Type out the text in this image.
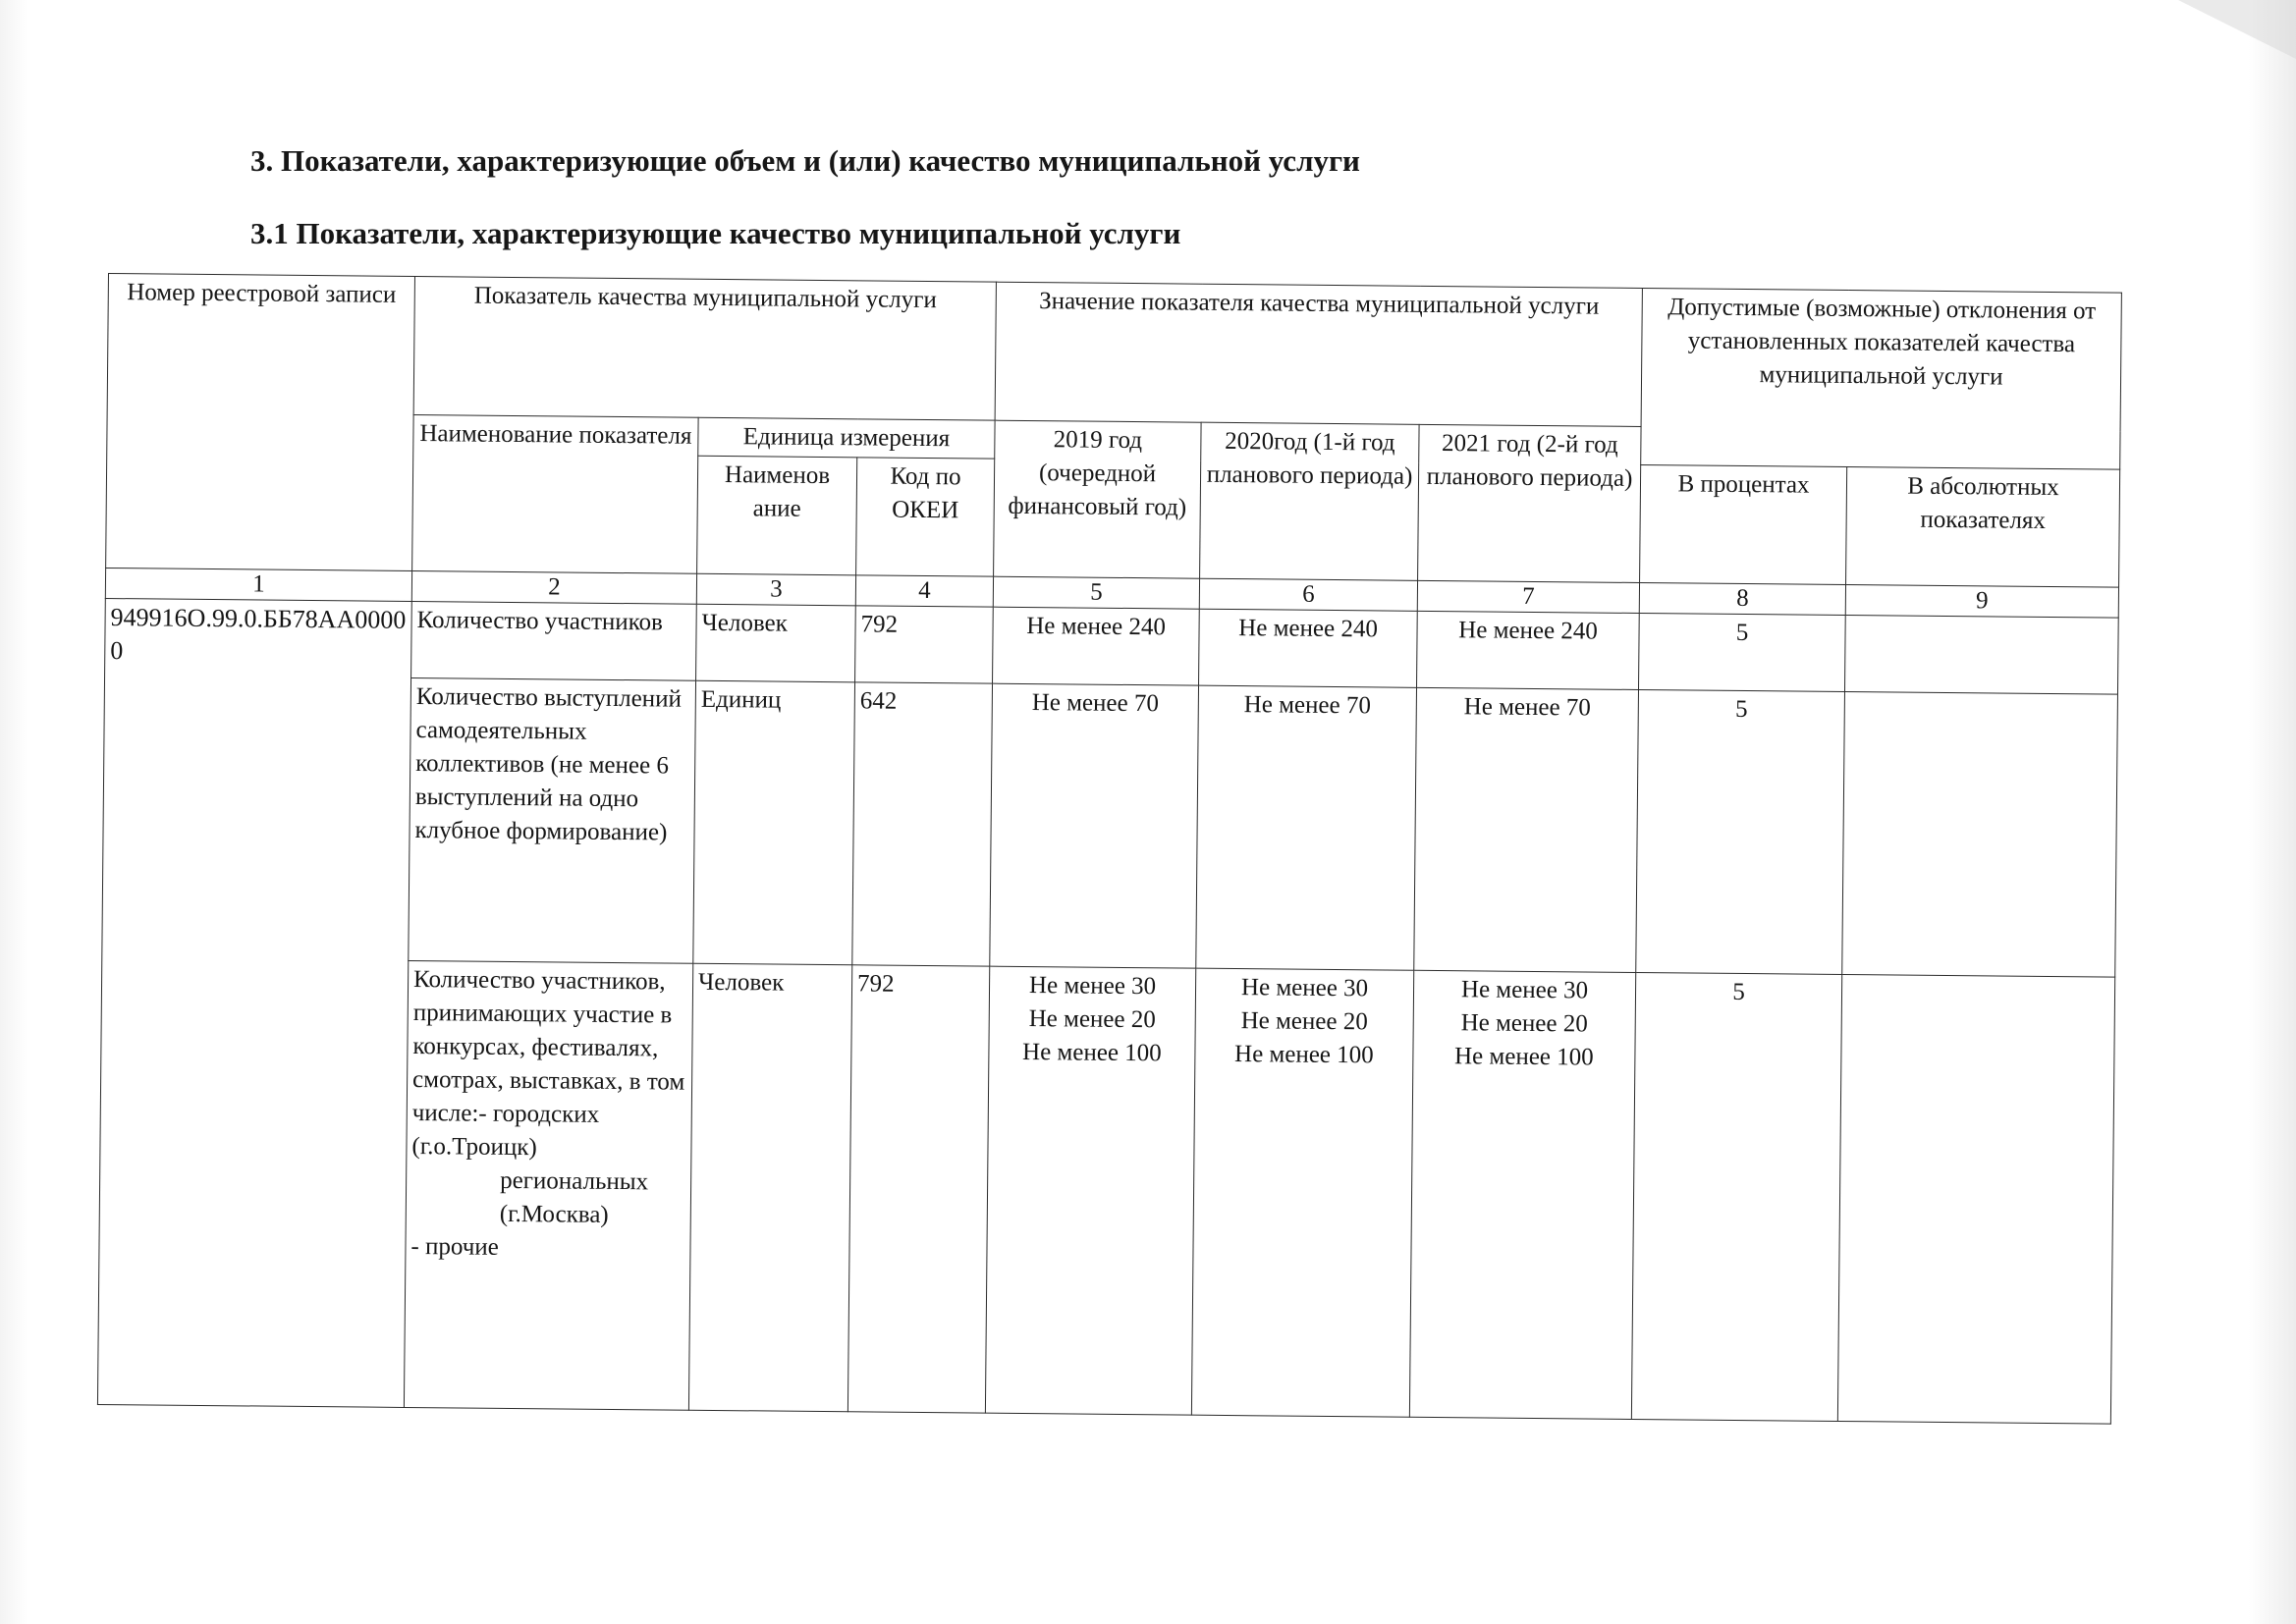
3. Показатели, характеризующие объем и (или) качество муниципальной услуги
3.1 Показатели, характеризующие качество муниципальной услуги
Номер реестровой записи	Показатель качества муниципальной услуги			Значение показателя качества муниципальной услуги			Допустимые (возможные) отклонения от установленных показателей качества муниципальной услуги	
	Наименование показателя	Единица измерения		2019 год (очередной финансовый год)	2020год (1-й год планового периода)	2021 год (2-й год планового периода)		
		Наименов ание	Код по ОКЕИ				В процентах	В абсолютных показателях
1	2	3	4	5	6	7	8	9
949916О.99.0.ББ78АА00000	Количество участников	Человек	792	Не менее 240	Не менее 240	Не менее 240	5	
	Количество выступлений самодеятельных коллективов (не менее 6 выступлений на одно клубное формирование)	Единиц	642	Не менее 70	Не менее 70	Не менее 70	5	
	Количество участников, принимающих участие в конкурсах, фестивалях, смотрах, выставках, в том числе:- городских (г.о.Троицк)
региональных (г.Москва)
- прочие	Человек	792	Не менее 30
Не менее 20
Не менее 100	Не менее 30
Не менее 20
Не менее 100	Не менее 30
Не менее 20
Не менее 100	5	
